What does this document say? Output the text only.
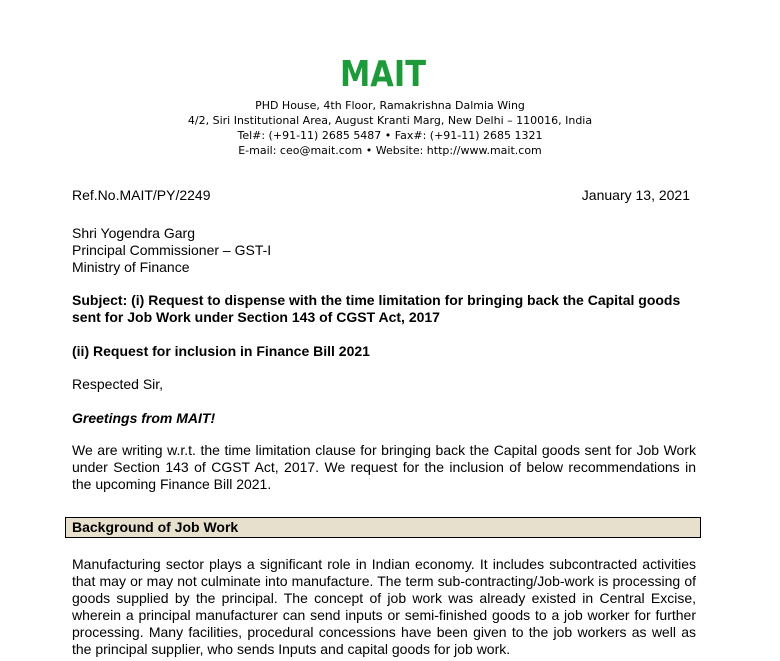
MAIT
PHD House, 4th Floor, Ramakrishna Dalmia Wing
4/2, Siri Institutional Area, August Kranti Marg, New Delhi – 110016, India
Tel#: (+91-11) 2685 5487 • Fax#: (+91-11) 2685 1321
E-mail: ceo@mait.com • Website: http://www.mait.com
Ref.No.MAIT/PY/2249	January 13, 2021
Shri Yogendra Garg
Principal Commissioner – GST-I
Ministry of Finance
Subject: (i) Request to dispense with the time limitation for bringing back the Capital goods
sent for Job Work under Section 143 of CGST Act, 2017
(ii) Request for inclusion in Finance Bill 2021
Respected Sir,
Greetings from MAIT!
We are writing w.r.t. the time limitation clause for bringing back the Capital goods sent for Job Work under Section 143 of CGST Act, 2017. We request for the inclusion of below recommendations in the upcoming Finance Bill 2021.
Background of Job Work
Manufacturing sector plays a significant role in Indian economy. It includes subcontracted activities that may or may not culminate into manufacture. The term sub-contracting/Job-work is processing of goods supplied by the principal. The concept of job work was already existed in Central Excise, wherein a principal manufacturer can send inputs or semi-finished goods to a job worker for further processing. Many facilities, procedural concessions have been given to the job workers as well as the principal supplier, who sends Inputs and capital goods for job work.
